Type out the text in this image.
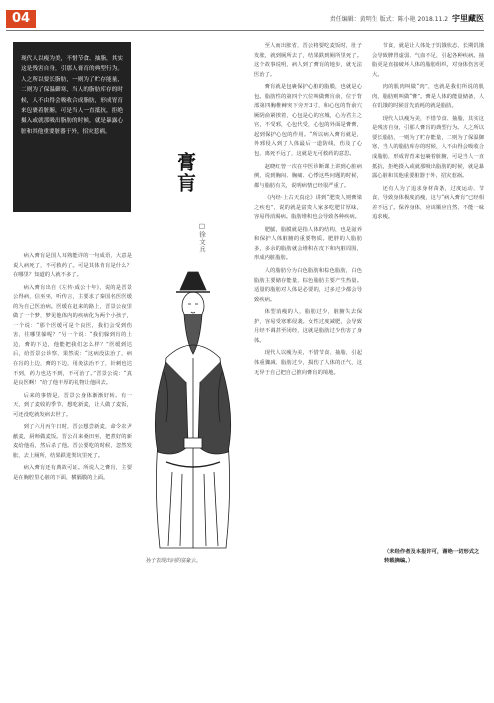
04	责任编辑：黄明生 版式：陈小艳 2018.11.2 宇里藏医
现代人以瘦为美，不惜节食、抽脂，其实这是残害自身，引那人膏育的典型行为。人之所以要长脂肪，一则为了贮存能量，二则为了保温御寒，当人的脂肪库存的时候，人不由得会吸收合成脂肪，形成胃育来包裹着脏腑，可是当人一直抵抗，拒绝摄入或就那吸出脂肪的时候，就是暴露心脏和其他重要脏器于外，招灾惹祸。
膏肓
□徐文兵
孙子表现出问的富豪云。

病入膏肓是国人耳熟能详的一句成语，大意是说人病死了，不可救药了。可是其体肯肓是什么？在哪里？知道的人就不多了。

病入膏肓出自《左传·成公十年》，说的是晋景公得病，信巫巫，听传言，主要求了秦国名医医缓的为自己医治病。医缓在赶来的路上，晋景公夜里做了一个梦，梦见他体内的疾病化为两个小孩子，一个说：“那个医缓可是个良医，我们会受到伤害，往哪里躲呢？”另一个说：“我们躲到肓的上边，膏的下边，他能把我们怎么样？”医缓到达后，给晋景公诊察，果然说：“这病没法治了，病在肓的上边，膏的下边，用灸法治不了，针刺也达不到，药力也达不到，不可治了。”晋景公说：“真是良医啊！”给了他丰厚的礼物让他回去。

后来的事情是，晋景公身体渐渐好转。有一天，到了麦收的季节，想吃新麦，让人做了麦饭，可还没吃就发病去世了。

到了六月丙午日时，晋公想尝新麦，命令农尹献麦，厨师做麦饭。晋公召来桑田巫，把煮好的新麦给他看，然后杀了他。晋公要吃的时候，忽然发胀，去上厕所，结果跌进粪坑里死了。

病入膏肓还有典故可证。所说人之膏肓，主要是在胸腔里心脏的下面，横膈膜的上面。

至人而出胀省，晋公将要吃麦饭时，肚子发胀，就到厕所去了，结果跌到厕所里死了。这个故事说明，病人到了膏肓的地步，就无法医治了。

膏肓就是包裹保护心脏的脂膜，也就是心包。脂肪性的第四个穴位叫做膏肓俞，位于背部第四胸椎棘突下旁开3寸，和心包的背俞穴厥阴俞紧挨着，心包是心的宫城，心为君主之官，不受邪，心包代受，心包的外面是膏膏，起到保护心包的作用。“所以病入膏肓就是，外邪侵入到了人体最后一道防线，伤及了心包，离死不远了，这就是无可救药的意思。

赵晓红曾一次在中医诊断课上讲到心脏病例，说到胸闷、胸痛、心悸这些问题的时候，都与脂肪有关，说明病情已经很严重了。

《内经·上古天真论》讲到“肥贵人则膏梁之疾也”，说的就是富贵人家多吃肥甘厚味，容易得消渴病。脂肪堆积也会导致各种疾病。

肥腻，脂膜就是指人体的结构，也是滋养和保护人体脏腑的重要物质。肥胖的人脂肪多，多余的脂肪就会堆积在皮下和内脏周围，形成内脏脂肪。

人的脂肪分为白色脂肪和棕色脂肪，白色脂肪主要储存能量，棕色脂肪主要产生热量。适量的脂肪对人体是必要的，过多过少都会导致疾病。

体型消瘦的人，脂肪过少，脏腑失去保护，容易受寒邪侵袭。女性过度减肥，会导致月经不调甚至闭经，这就是脂肪过少伤害了身体。

现代人以瘦为美，不惜节食、抽脂，引起体重骤减、脂肪过少，损伤了人体的正气，这无异于自己把自己推向膏肓的境地。

节食，就是让人体处于饥饿状态，长期饥饿会导致脾胃虚弱、气血不足，引起各种疾病。抽脂更是直接破坏人体的脂肪组织，对身体伤害更大。

肉的肌肉叫做“肉”，也就是我们所说的肌肉，脂肪则叫做“膏”。膏是人体的能量储备，人在饥饿的时候首先消耗的就是脂肪。

现代人以瘦为美，不惜节食、抽脂，其实这是残害自身，引那人膏肓的典型行为。人之所以要长脂肪，一则为了贮存能量，二则为了保温御寒，当人的脂肪库存的时候，人不由得会吸收合成脂肪，形成胃育来包裹着脏腑，可是当人一直抵抗，拒绝摄入或就那吸出脂肪的时候，就是暴露心脏和其他重要脏器于外，招灾惹祸。

还有人为了追求身材苗条，过度运动、节食，导致身体极度消瘦，这与“病入膏肓”已经相差不远了。保养身体，应该顺应自然，不能一味追求瘦。

（未经作者及本报许可，谢绝一切形式之转载摘编。）
